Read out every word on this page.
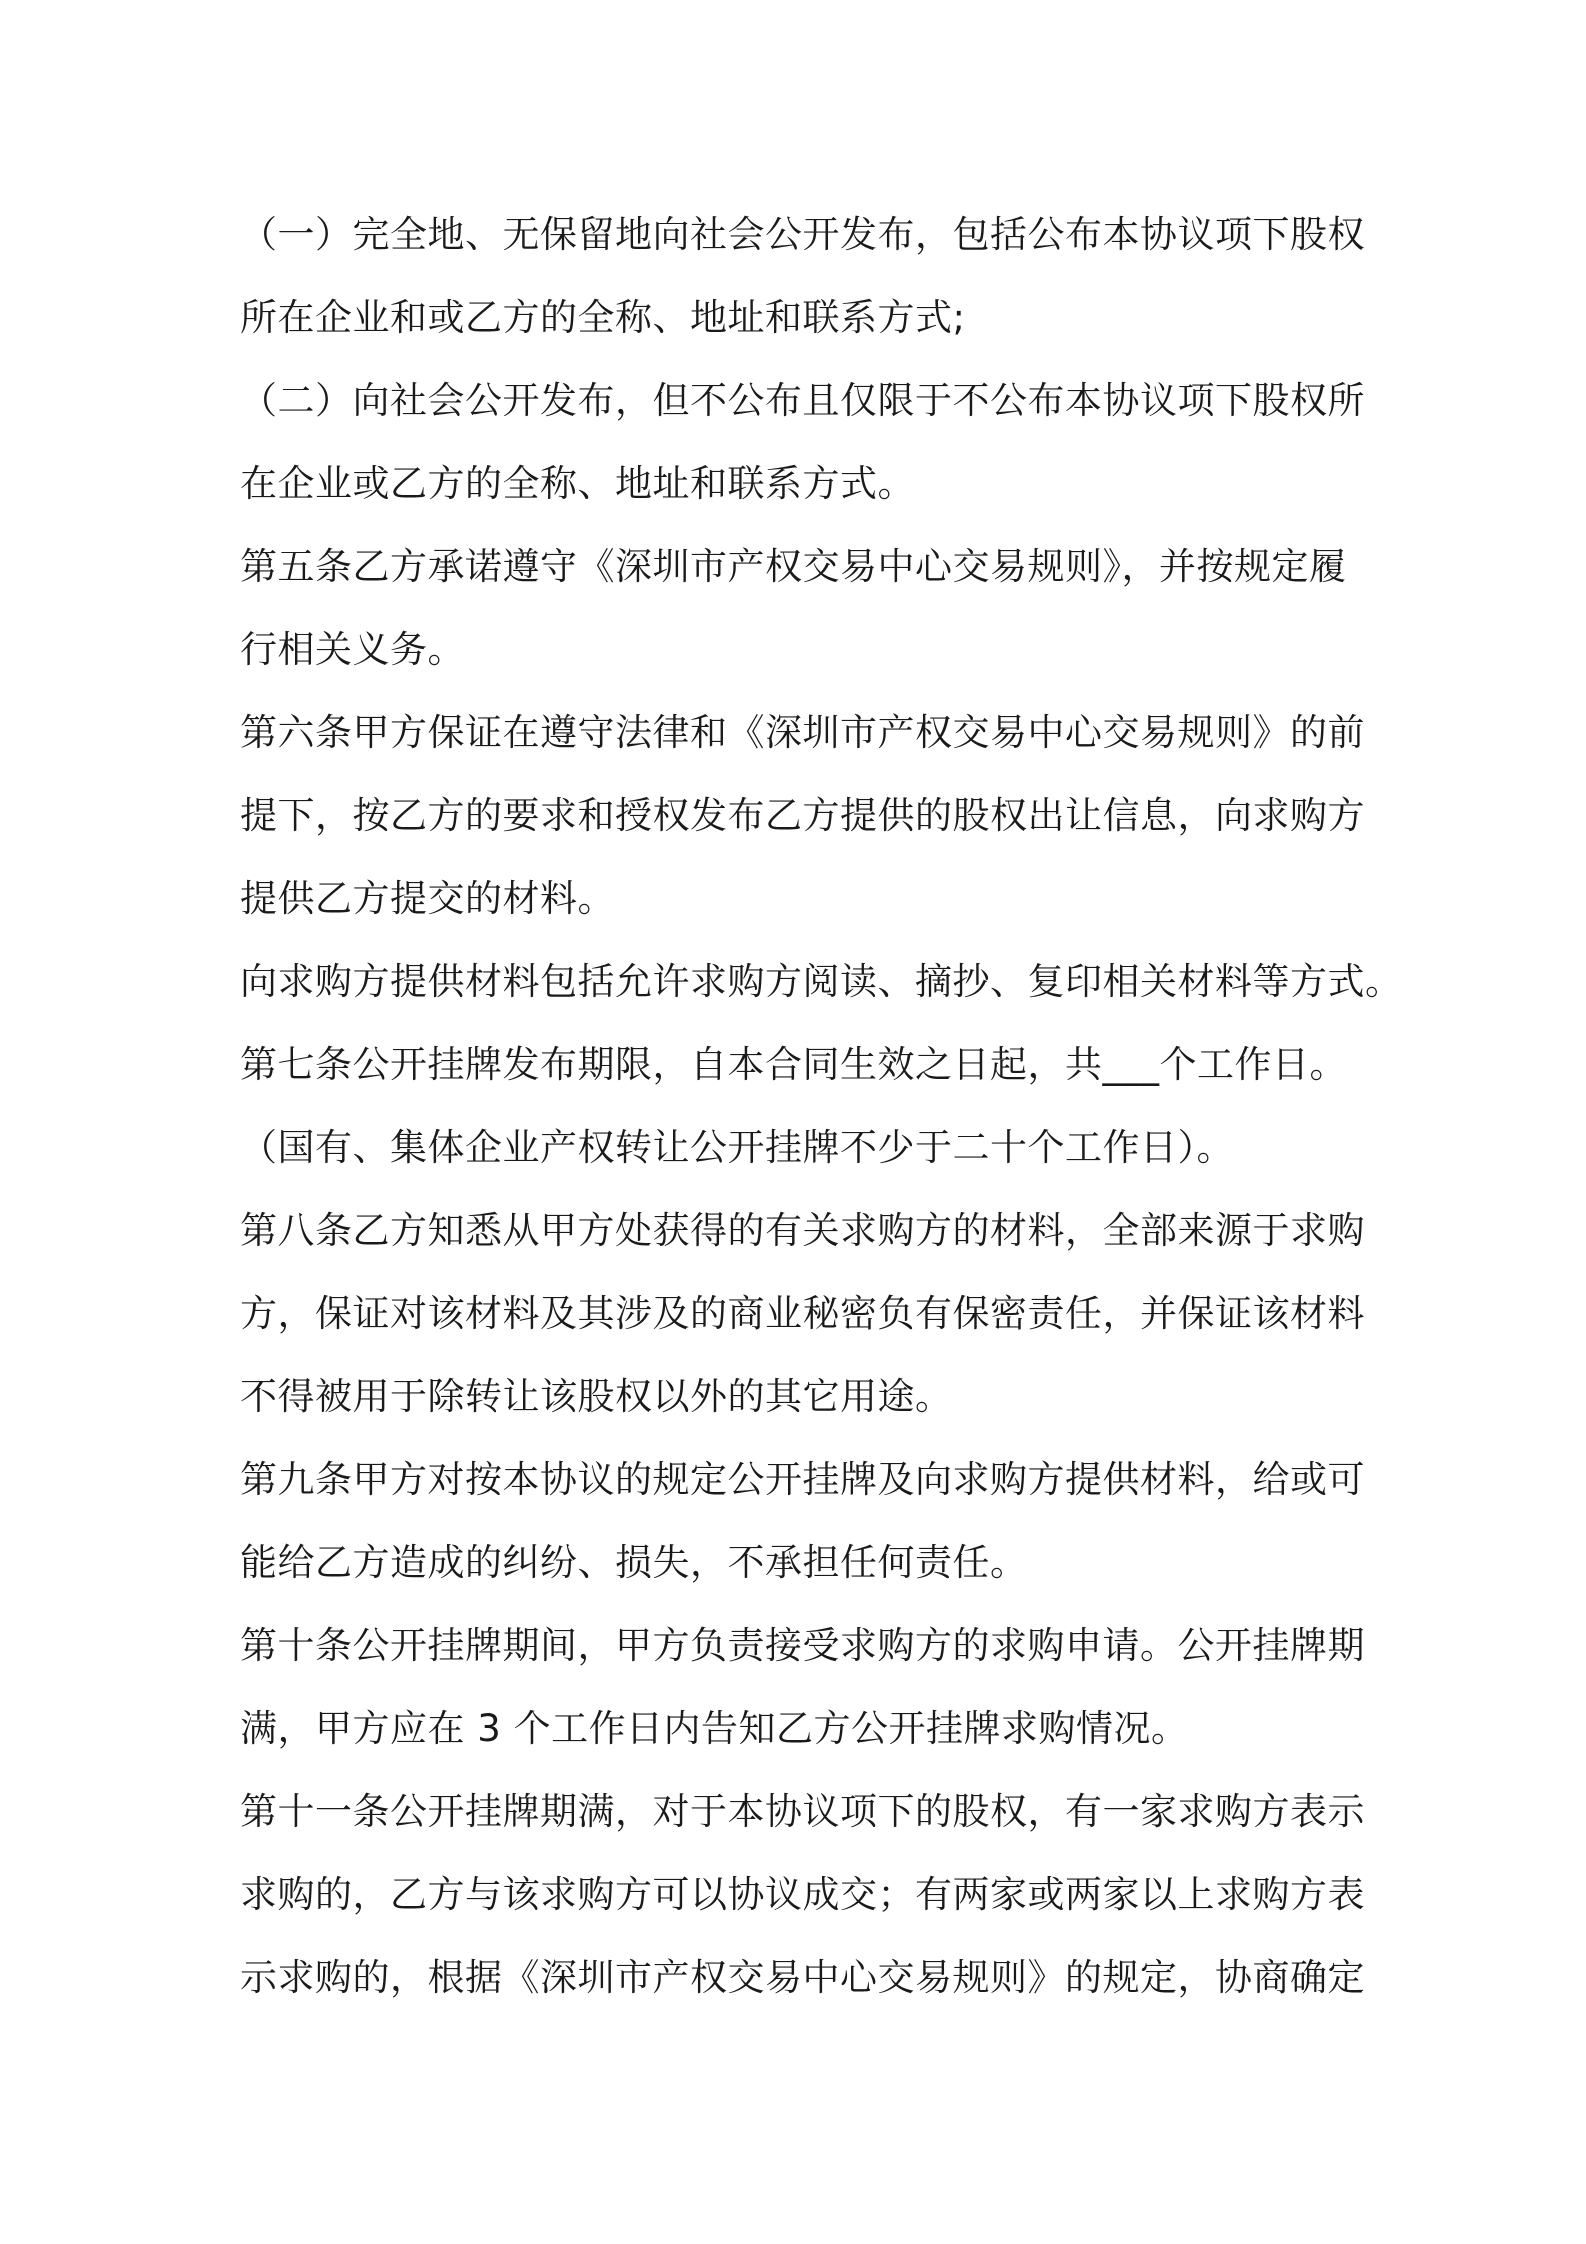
（一）完全地、无保留地向社会公开发布，包括公布本协议项下股权
所在企业和或乙方的全称、地址和联系方式;
（二）向社会公开发布，但不公布且仅限于不公布本协议项下股权所
在企业或乙方的全称、地址和联系方式。
第五条乙方承诺遵守《深圳市产权交易中心交易规则》，并按规定履
行相关义务。
第六条甲方保证在遵守法律和《深圳市产权交易中心交易规则》的前
提下，按乙方的要求和授权发布乙方提供的股权出让信息，向求购方
提供乙方提交的材料。
向求购方提供材料包括允许求购方阅读、摘抄、复印相关材料等方式。
第七条公开挂牌发布期限，自本合同生效之日起，共___个工作日。
（国有、集体企业产权转让公开挂牌不少于二十个工作日）。
第八条乙方知悉从甲方处获得的有关求购方的材料，全部来源于求购
方，保证对该材料及其涉及的商业秘密负有保密责任，并保证该材料
不得被用于除转让该股权以外的其它用途。
第九条甲方对按本协议的规定公开挂牌及向求购方提供材料，给或可
能给乙方造成的纠纷、损失，不承担任何责任。
第十条公开挂牌期间，甲方负责接受求购方的求购申请。公开挂牌期
满，甲方应在 3 个工作日内告知乙方公开挂牌求购情况。
第十一条公开挂牌期满，对于本协议项下的股权，有一家求购方表示
求购的，乙方与该求购方可以协议成交；有两家或两家以上求购方表
示求购的，根据《深圳市产权交易中心交易规则》的规定，协商确定
